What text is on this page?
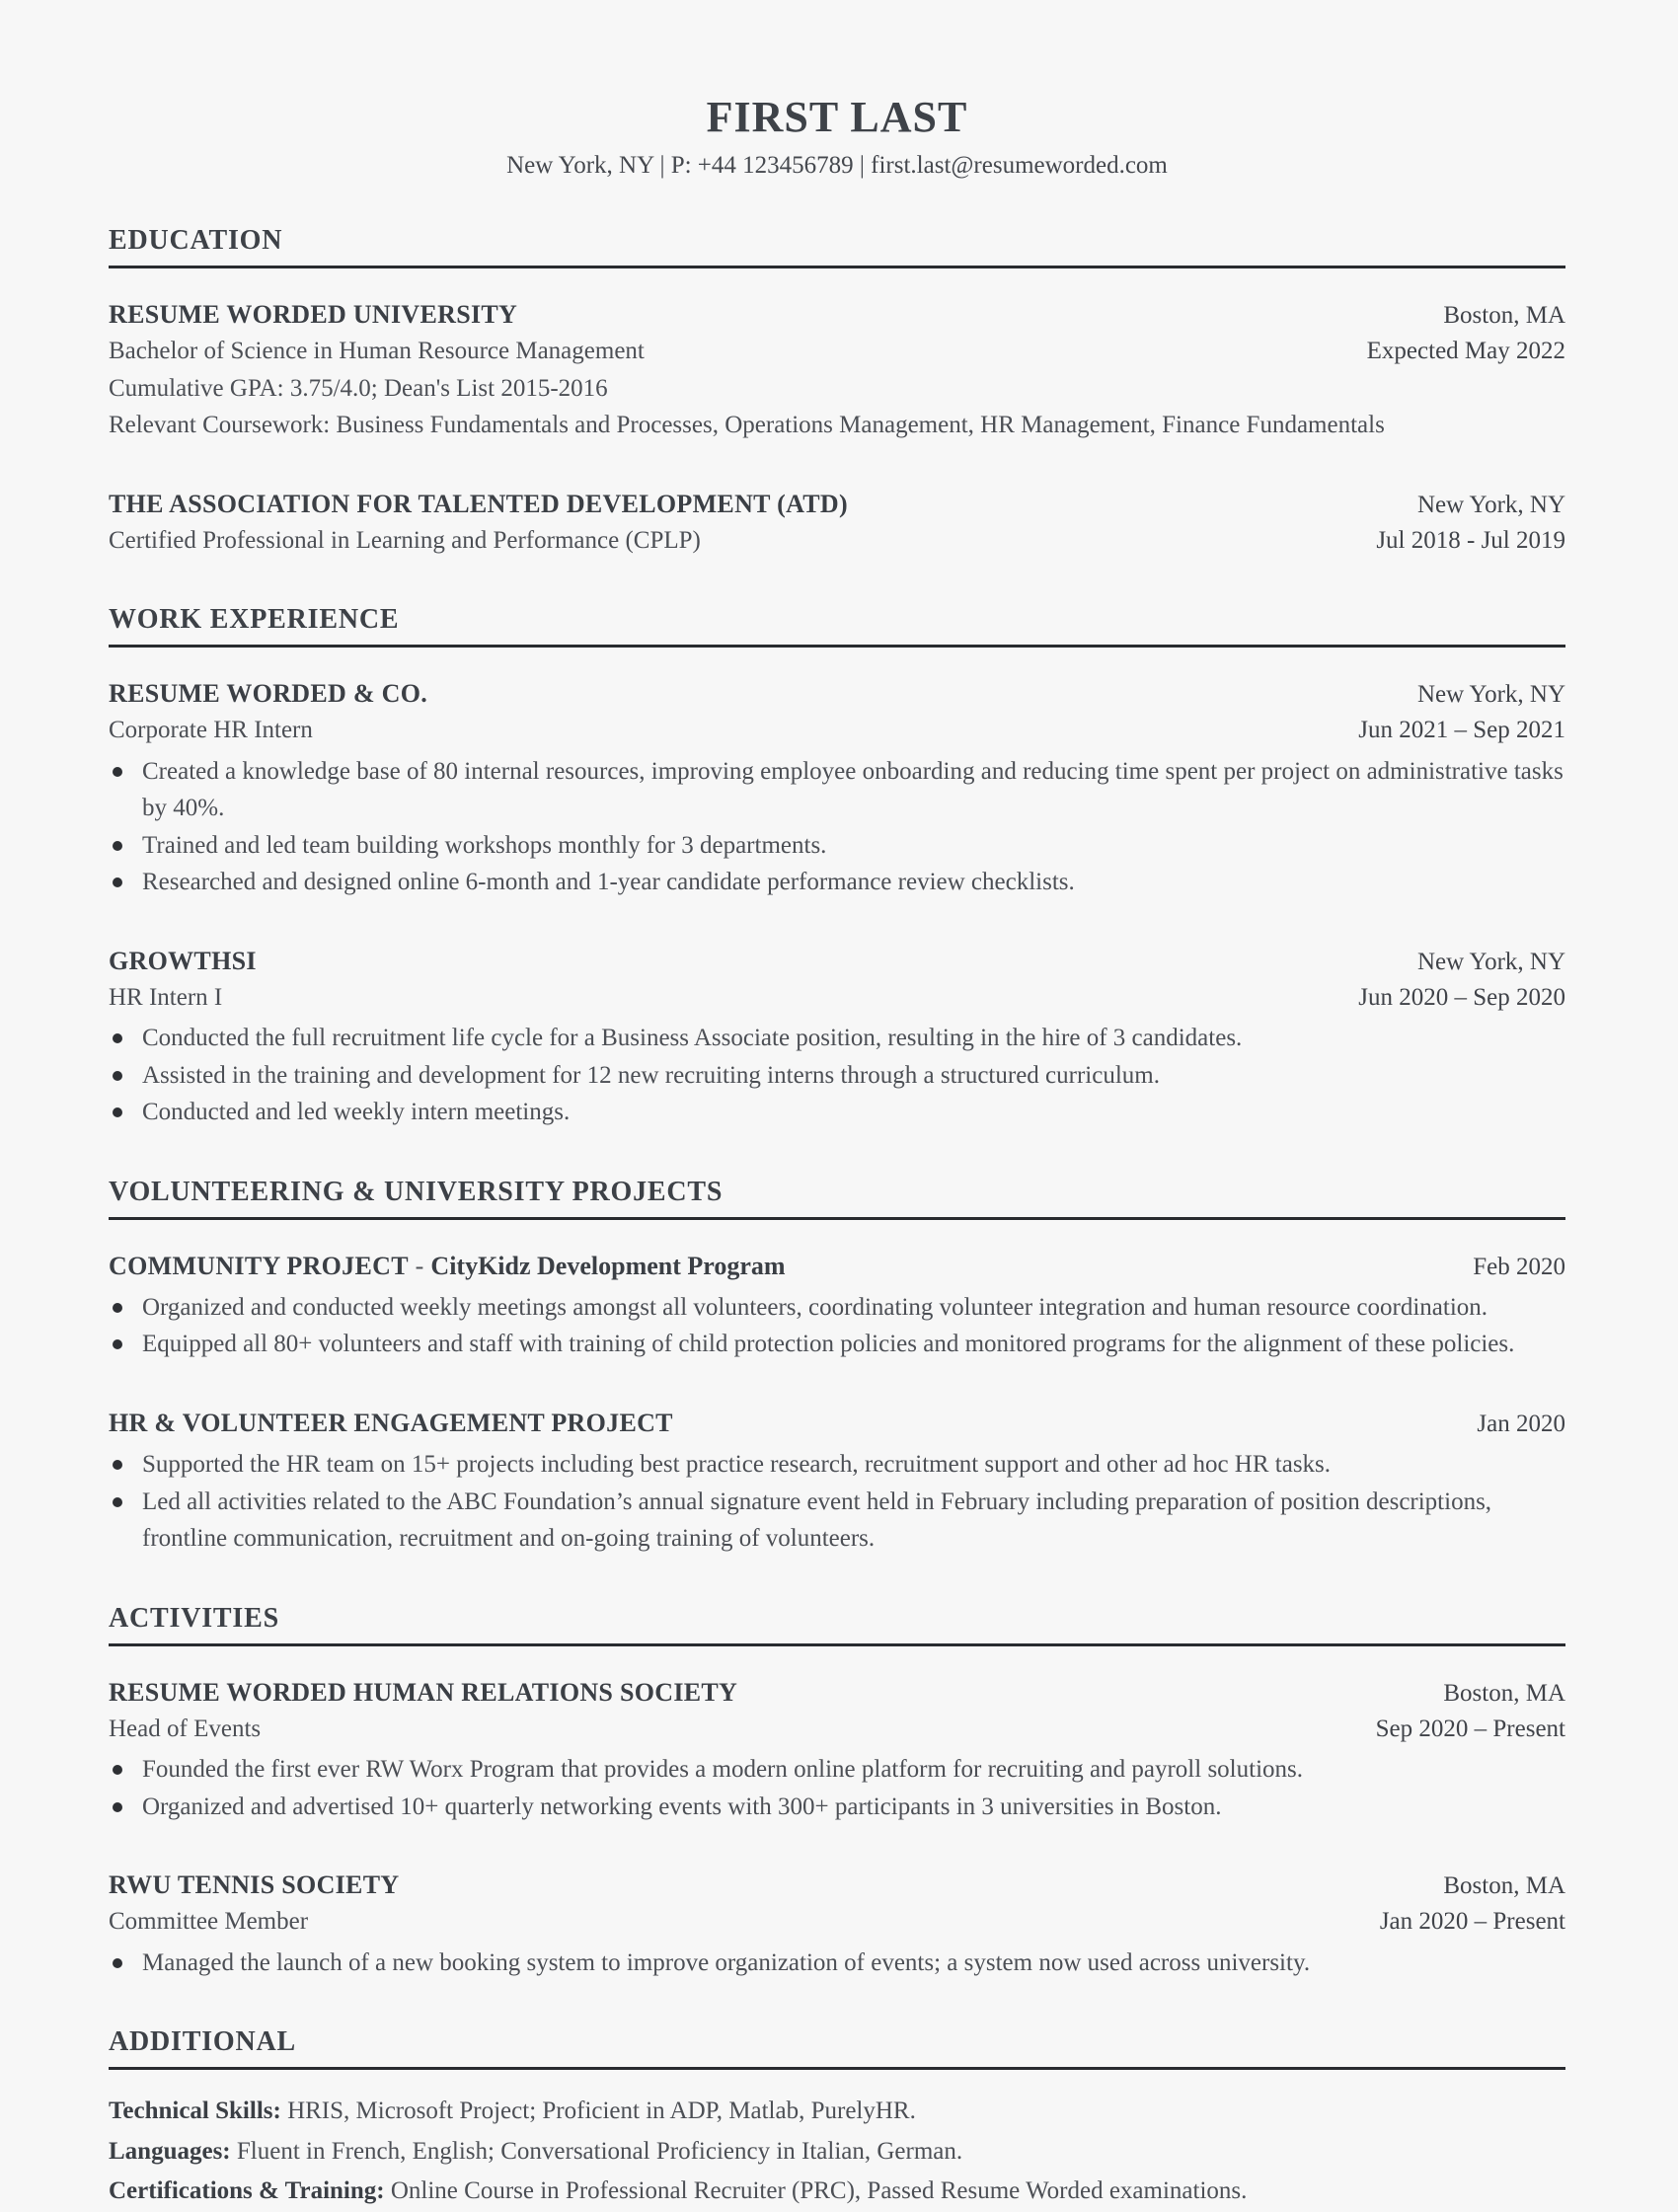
FIRST LAST
New York, NY | P: +44 123456789 | first.last@resumeworded.com
EDUCATION
RESUME WORDED UNIVERSITY	Boston, MA
Bachelor of Science in Human Resource Management	Expected May 2022
Cumulative GPA: 3.75/4.0; Dean's List 2015-2016
Relevant Coursework: Business Fundamentals and Processes, Operations Management, HR Management, Finance Fundamentals
THE ASSOCIATION FOR TALENTED DEVELOPMENT (ATD)	New York, NY
Certified Professional in Learning and Performance (CPLP)	Jul 2018 - Jul 2019
WORK EXPERIENCE
RESUME WORDED & CO.	New York, NY
Corporate HR Intern	Jun 2021 – Sep 2021
Created a knowledge base of 80 internal resources, improving employee onboarding and reducing time spent per project on administrative tasks by 40%.
Trained and led team building workshops monthly for 3 departments.
Researched and designed online 6-month and 1-year candidate performance review checklists.
GROWTHSI	New York, NY
HR Intern I	Jun 2020 – Sep 2020
Conducted the full recruitment life cycle for a Business Associate position, resulting in the hire of 3 candidates.
Assisted in the training and development for 12 new recruiting interns through a structured curriculum.
Conducted and led weekly intern meetings.
VOLUNTEERING & UNIVERSITY PROJECTS
COMMUNITY PROJECT - CityKidz Development Program	Feb 2020
Organized and conducted weekly meetings amongst all volunteers, coordinating volunteer integration and human resource coordination.
Equipped all 80+ volunteers and staff with training of child protection policies and monitored programs for the alignment of these policies.
HR & VOLUNTEER ENGAGEMENT PROJECT	Jan 2020
Supported the HR team on 15+ projects including best practice research, recruitment support and other ad hoc HR tasks.
Led all activities related to the ABC Foundation’s annual signature event held in February including preparation of position descriptions, frontline communication, recruitment and on-going training of volunteers.
ACTIVITIES
RESUME WORDED HUMAN RELATIONS SOCIETY	Boston, MA
Head of Events	Sep 2020 – Present
Founded the first ever RW Worx Program that provides a modern online platform for recruiting and payroll solutions.
Organized and advertised 10+ quarterly networking events with 300+ participants in 3 universities in Boston.
RWU TENNIS SOCIETY	Boston, MA
Committee Member	Jan 2020 – Present
Managed the launch of a new booking system to improve organization of events; a system now used across university.
ADDITIONAL
Technical Skills: HRIS, Microsoft Project; Proficient in ADP, Matlab, PurelyHR.
Languages: Fluent in French, English; Conversational Proficiency in Italian, German.
Certifications & Training: Online Course in Professional Recruiter (PRC), Passed Resume Worded examinations.
